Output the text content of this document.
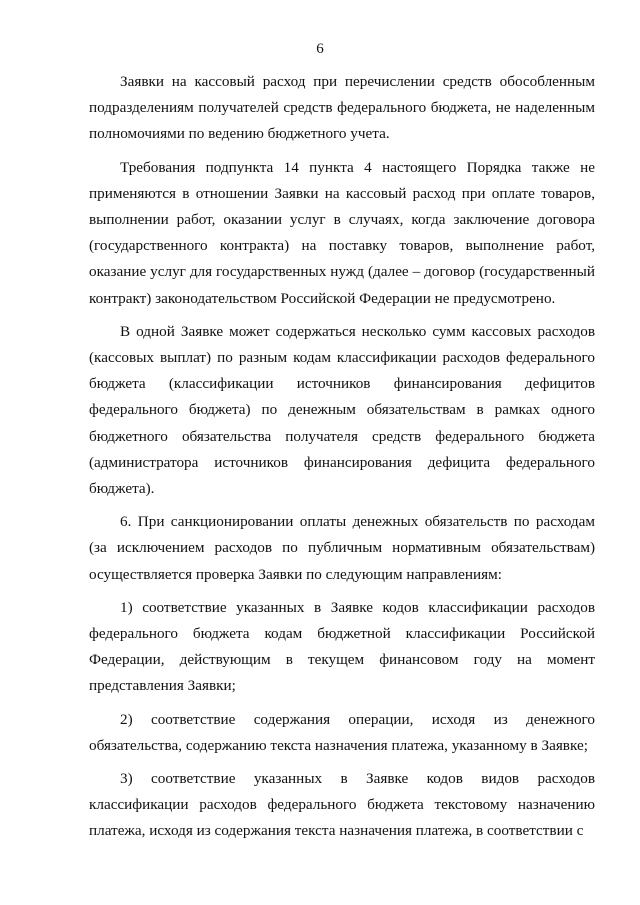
6

Заявки на кассовый расход при перечислении средств обособленным подразделениям получателей средств федерального бюджета, не наделенным полномочиями по ведению бюджетного учета.

Требования подпункта 14 пункта 4 настоящего Порядка также не применяются в отношении Заявки на кассовый расход при оплате товаров, выполнении работ, оказании услуг в случаях, когда заключение договора (государственного контракта) на поставку товаров, выполнение работ, оказание услуг для государственных нужд (далее – договор (государственный контракт) законодательством Российской Федерации не предусмотрено.

В одной Заявке может содержаться несколько сумм кассовых расходов (кассовых выплат) по разным кодам классификации расходов федерального бюджета (классификации источников финансирования дефицитов федерального бюджета) по денежным обязательствам в рамках одного бюджетного обязательства получателя средств федерального бюджета (администратора источников финансирования дефицита федерального бюджета).

6. При санкционировании оплаты денежных обязательств по расходам (за исключением расходов по публичным нормативным обязательствам) осуществляется проверка Заявки по следующим направлениям:

1) соответствие указанных в Заявке кодов классификации расходов федерального бюджета кодам бюджетной классификации Российской Федерации, действующим в текущем финансовом году на момент представления Заявки;

2) соответствие содержания операции, исходя из денежного обязательства, содержанию текста назначения платежа, указанному в Заявке;

3) соответствие указанных в Заявке кодов видов расходов классификации расходов федерального бюджета текстовому назначению платежа, исходя из содержания текста назначения платежа, в соответствии с
